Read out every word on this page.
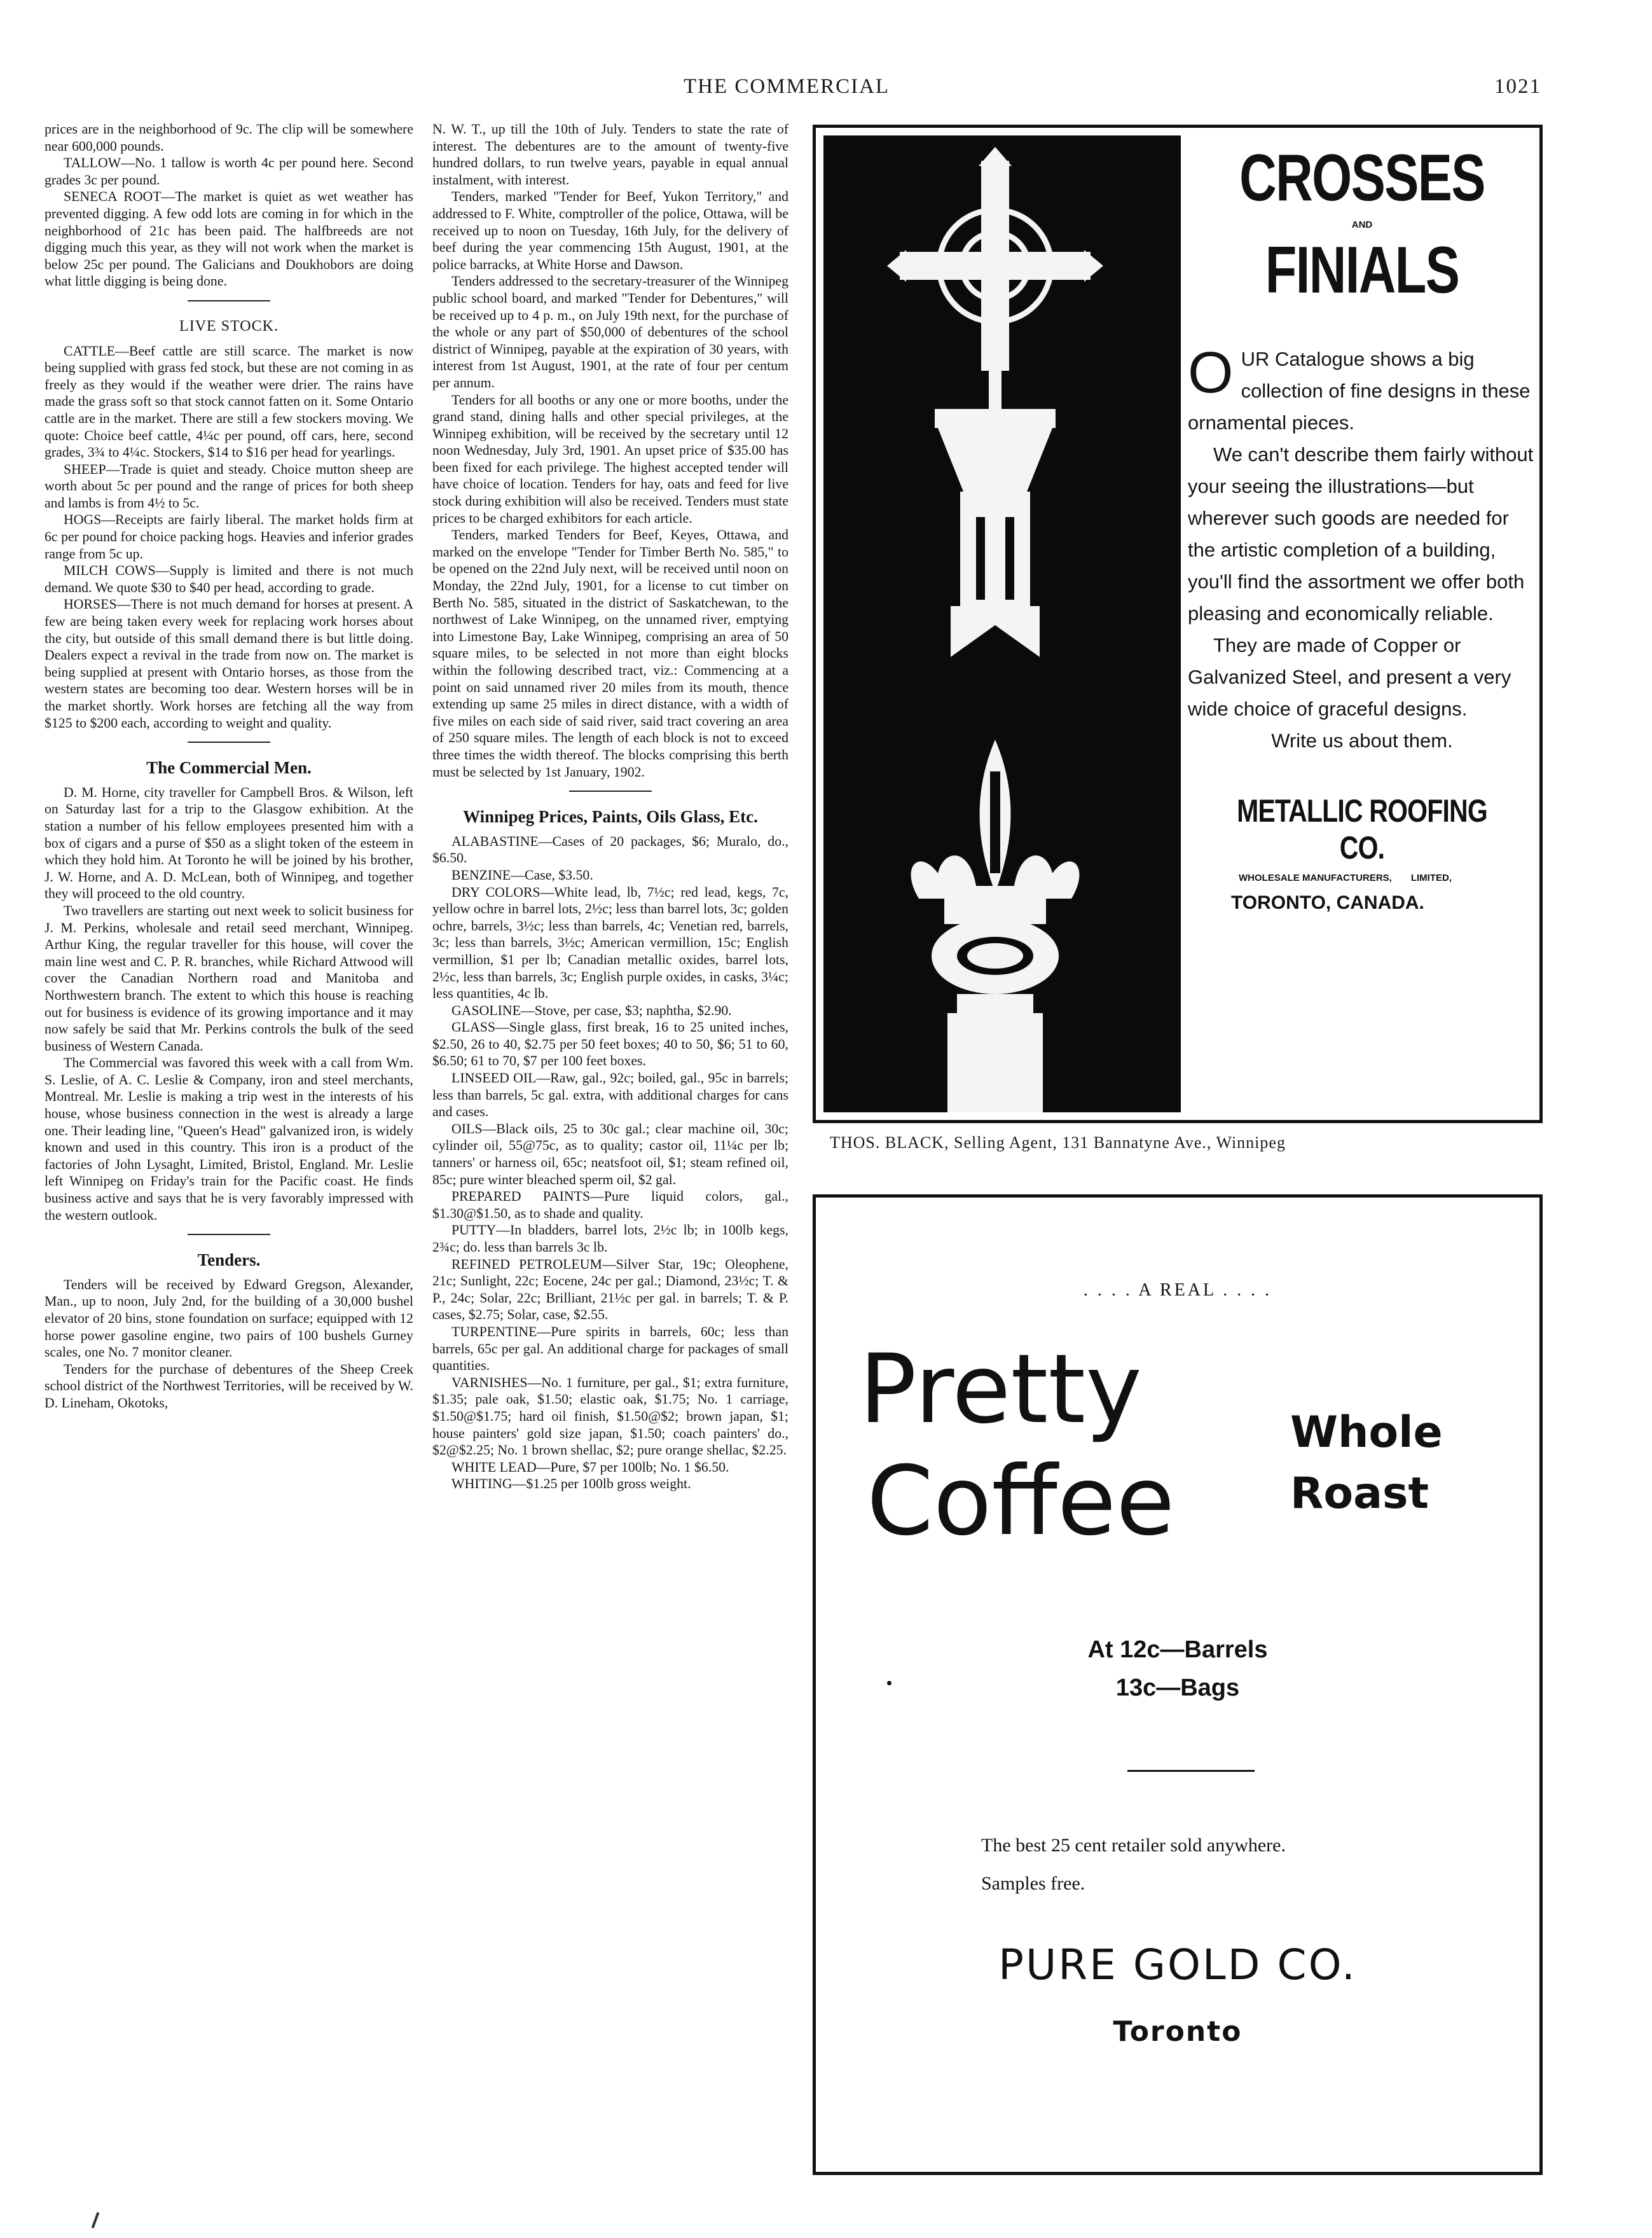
THE COMMERCIAL	1021

prices are in the neighborhood of 9c. The clip will be somewhere near 600,000 pounds.

TALLOW—No. 1 tallow is worth 4c per pound here. Second grades 3c per pound.

SENECA ROOT—The market is quiet as wet weather has prevented digging. A few odd lots are coming in for which in the neighborhood of 21c has been paid. The halfbreeds are not digging much this year, as they will not work when the market is below 25c per pound. The Galicians and Doukhobors are doing what little digging is being done.

LIVE STOCK.

CATTLE—Beef cattle are still scarce. The market is now being supplied with grass fed stock, but these are not coming in as freely as they would if the weather were drier. The rains have made the grass soft so that stock cannot fatten on it. Some Ontario cattle are in the market. There are still a few stockers moving. We quote: Choice beef cattle, 4¼c per pound, off cars, here, second grades, 3¾ to 4¼c. Stockers, $14 to $16 per head for yearlings.

SHEEP—Trade is quiet and steady. Choice mutton sheep are worth about 5c per pound and the range of prices for both sheep and lambs is from 4½ to 5c.

HOGS—Receipts are fairly liberal. The market holds firm at 6c per pound for choice packing hogs. Heavies and inferior grades range from 5c up.

MILCH COWS—Supply is limited and there is not much demand. We quote $30 to $40 per head, according to grade.

HORSES—There is not much demand for horses at present. A few are being taken every week for replacing work horses about the city, but outside of this small demand there is but little doing. Dealers expect a revival in the trade from now on. The market is being supplied at present with Ontario horses, as those from the western states are becoming too dear. Western horses will be in the market shortly. Work horses are fetching all the way from $125 to $200 each, according to weight and quality.

The Commercial Men.

D. M. Horne, city traveller for Campbell Bros. & Wilson, left on Saturday last for a trip to the Glasgow exhibition. At the station a number of his fellow employees presented him with a box of cigars and a purse of $50 as a slight token of the esteem in which they hold him. At Toronto he will be joined by his brother, J. W. Horne, and A. D. McLean, both of Winnipeg, and together they will proceed to the old country.

Two travellers are starting out next week to solicit business for J. M. Perkins, wholesale and retail seed merchant, Winnipeg. Arthur King, the regular traveller for this house, will cover the main line west and C. P. R. branches, while Richard Attwood will cover the Canadian Northern road and Manitoba and Northwestern branch. The extent to which this house is reaching out for business is evidence of its growing importance and it may now safely be said that Mr. Perkins controls the bulk of the seed business of Western Canada.

The Commercial was favored this week with a call from Wm. S. Leslie, of A. C. Leslie & Company, iron and steel merchants, Montreal. Mr. Leslie is making a trip west in the interests of his house, whose business connection in the west is already a large one. Their leading line, "Queen's Head" galvanized iron, is widely known and used in this country. This iron is a product of the factories of John Lysaght, Limited, Bristol, England. Mr. Leslie left Winnipeg on Friday's train for the Pacific coast. He finds business active and says that he is very favorably impressed with the western outlook.

Tenders.

Tenders will be received by Edward Gregson, Alexander, Man., up to noon, July 2nd, for the building of a 30,000 bushel elevator of 20 bins, stone foundation on surface; equipped with 12 horse power gasoline engine, two pairs of 100 bushels Gurney scales, one No. 7 monitor cleaner.

Tenders for the purchase of debentures of the Sheep Creek school district of the Northwest Territories, will be received by W. D. Lineham, Okotoks,

N. W. T., up till the 10th of July. Tenders to state the rate of interest. The debentures are to the amount of twenty-five hundred dollars, to run twelve years, payable in equal annual instalment, with interest.

Tenders, marked "Tender for Beef, Yukon Territory," and addressed to F. White, comptroller of the police, Ottawa, will be received up to noon on Tuesday, 16th July, for the delivery of beef during the year commencing 15th August, 1901, at the police barracks, at White Horse and Dawson.

Tenders addressed to the secretary-treasurer of the Winnipeg public school board, and marked "Tender for Debentures," will be received up to 4 p. m., on July 19th next, for the purchase of the whole or any part of $50,000 of debentures of the school district of Winnipeg, payable at the expiration of 30 years, with interest from 1st August, 1901, at the rate of four per centum per annum.

Tenders for all booths or any one or more booths, under the grand stand, dining halls and other special privileges, at the Winnipeg exhibition, will be received by the secretary until 12 noon Wednesday, July 3rd, 1901. An upset price of $35.00 has been fixed for each privilege. The highest accepted tender will have choice of location. Tenders for hay, oats and feed for live stock during exhibition will also be received. Tenders must state prices to be charged exhibitors for each article.

Tenders, marked Tenders for Beef, Keyes, Ottawa, and marked on the envelope "Tender for Timber Berth No. 585," to be opened on the 22nd July next, will be received until noon on Monday, the 22nd July, 1901, for a license to cut timber on Berth No. 585, situated in the district of Saskatchewan, to the northwest of Lake Winnipeg, on the unnamed river, emptying into Limestone Bay, Lake Winnipeg, comprising an area of 50 square miles, to be selected in not more than eight blocks within the following described tract, viz.: Commencing at a point on said unnamed river 20 miles from its mouth, thence extending up same 25 miles in direct distance, with a width of five miles on each side of said river, said tract covering an area of 250 square miles. The length of each block is not to exceed three times the width thereof. The blocks comprising this berth must be selected by 1st January, 1902.

Winnipeg Prices, Paints, Oils Glass, Etc.

ALABASTINE—Cases of 20 packages, $6; Muralo, do., $6.50.

BENZINE—Case, $3.50.

DRY COLORS—White lead, lb, 7½c; red lead, kegs, 7c, yellow ochre in barrel lots, 2½c; less than barrel lots, 3c; golden ochre, barrels, 3½c; less than barrels, 4c; Venetian red, barrels, 3c; less than barrels, 3½c; American vermillion, 15c; English vermillion, $1 per lb; Canadian metallic oxides, barrel lots, 2½c, less than barrels, 3c; English purple oxides, in casks, 3¼c; less quantities, 4c lb.

GASOLINE—Stove, per case, $3; naphtha, $2.90.

GLASS—Single glass, first break, 16 to 25 united inches, $2.50, 26 to 40, $2.75 per 50 feet boxes; 40 to 50, $6; 51 to 60, $6.50; 61 to 70, $7 per 100 feet boxes.

LINSEED OIL—Raw, gal., 92c; boiled, gal., 95c in barrels; less than barrels, 5c gal. extra, with additional charges for cans and cases.

OILS—Black oils, 25 to 30c gal.; clear machine oil, 30c; cylinder oil, 55@75c, as to quality; castor oil, 11¼c per lb; tanners' or harness oil, 65c; neatsfoot oil, $1; steam refined oil, 85c; pure winter bleached sperm oil, $2 gal.

PREPARED PAINTS—Pure liquid colors, gal., $1.30@$1.50, as to shade and quality.

PUTTY—In bladders, barrel lots, 2½c lb; in 100lb kegs, 2¾c; do. less than barrels 3c lb.

REFINED PETROLEUM—Silver Star, 19c; Oleophene, 21c; Sunlight, 22c; Eocene, 24c per gal.; Diamond, 23½c; T. & P., 24c; Solar, 22c; Brilliant, 21½c per gal. in barrels; T. & P. cases, $2.75; Solar, case, $2.55.

TURPENTINE—Pure spirits in barrels, 60c; less than barrels, 65c per gal. An additional charge for packages of small quantities.

VARNISHES—No. 1 furniture, per gal., $1; extra furniture, $1.35; pale oak, $1.50; elastic oak, $1.75; No. 1 carriage, $1.50@$1.75; hard oil finish, $1.50@$2; brown japan, $1; house painters' gold size japan, $1.50; coach painters' do., $2@$2.25; No. 1 brown shellac, $2; pure orange shellac, $2.25.

WHITE LEAD—Pure, $7 per 100lb; No. 1 $6.50.

WHITING—$1.25 per 100lb gross weight.

CROSSES
AND
FINIALS

OUR Catalogue shows a big collection of fine designs in these ornamental pieces.

We can't describe them fairly without your seeing the illustrations—but wherever such goods are needed for the artistic completion of a building, you'll find the assortment we offer both pleasing and economically reliable.

They are made of Copper or Galvanized Steel, and present a very wide choice of graceful designs.

Write us about them.

METALLIC ROOFING CO.
WHOLESALE MANUFACTURERS, LIMITED,
TORONTO, CANADA.
THOS. BLACK, Selling Agent, 131 Bannatyne Ave., Winnipeg
. . . . A REAL . . . .
Pretty
Coffee
Whole
Roast
At 12c—Barrels
13c—Bags
The best 25 cent retailer sold anywhere.
Samples free.
PURE GOLD CO.
Toronto
